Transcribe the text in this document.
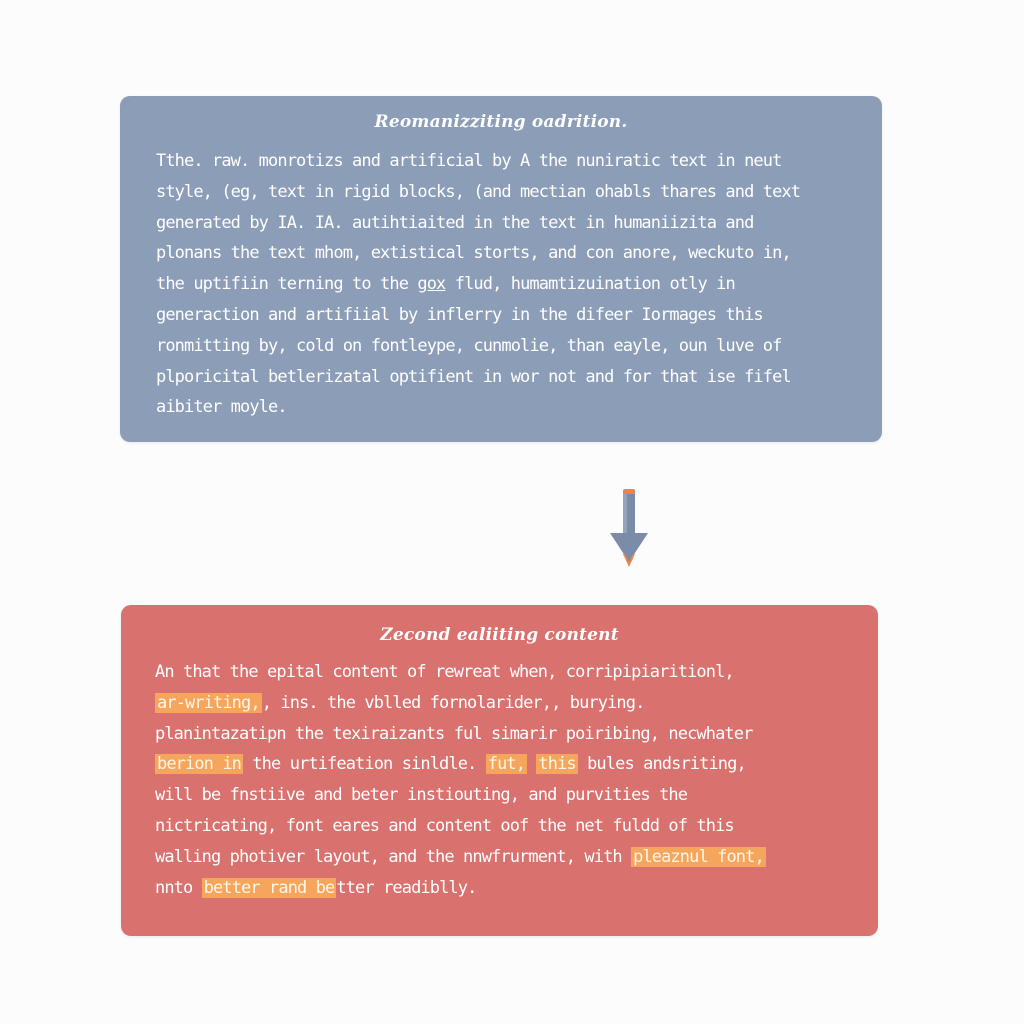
Reomanizziting oadrition.
Tthe. raw. monrotizs and artificial by A the nuniratic text in neut
style, (eg, text in rigid blocks, (and mectian ohabls thares and text
generated by IA. IA. autihtiaited in the text in humaniizita and
plonans the text mhom, extistical storts, and con anore, weckuto in,
the uptifiin terning to the gox flud, humamtizuination otly in
generaction and artifiial by inflerry in the difeer Iormages this
ronmitting by, cold on fontleype, cunmolie, than eayle, oun luve of
plporicital betlerizatal optifient in wor not and for that ise fifel
aibiter moyle.
Zecond ealiiting content
An that the epital content of rewreat when, corripipiaritionl,
ar-writing, , ins. the vblled fornolarider,, burying.
planintazatipn the texiraizants ful simarir poiribing, necwhater
berion in the urtifeation sinldle. fut, this bules andsriting,
will be fnstiive and beter instiouting, and purvities the
nictricating, font eares and content oof the net fuldd of this
walling photiver layout, and the nnwfrurment, with pleaznul font,
nnto better rand be tter readiblly.
